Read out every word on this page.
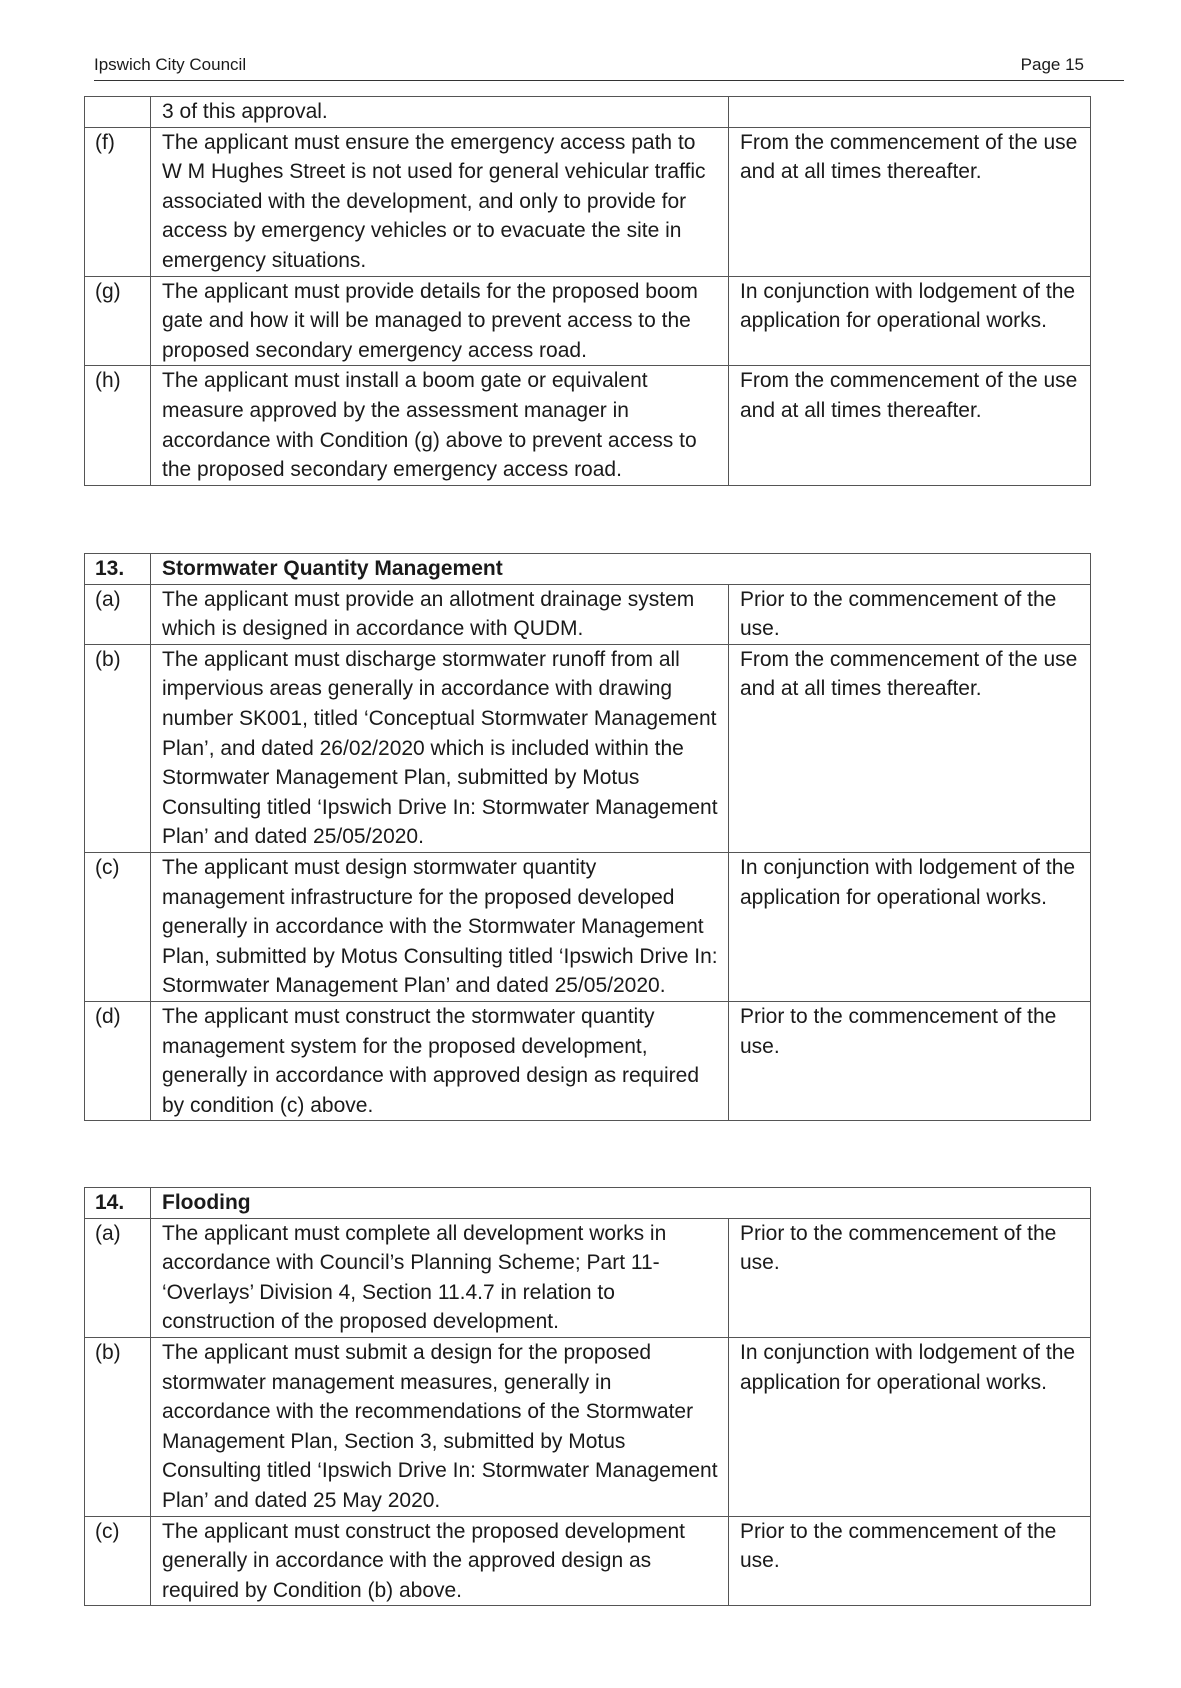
Ipswich City Council	Page 15
	3 of this approval.	
(f)	The applicant must ensure the emergency access path to W M Hughes Street is not used for general vehicular traffic associated with the development, and only to provide for access by emergency vehicles or to evacuate the site in emergency situations.	From the commencement of the use and at all times thereafter.
(g)	The applicant must provide details for the proposed boom gate and how it will be managed to prevent access to the proposed secondary emergency access road.	In conjunction with lodgement of the application for operational works.
(h)	The applicant must install a boom gate or equivalent measure approved by the assessment manager in accordance with Condition (g) above to prevent access to the proposed secondary emergency access road.	From the commencement of the use and at all times thereafter.
13.	Stormwater Quantity Management	
(a)	The applicant must provide an allotment drainage system which is designed in accordance with QUDM.	Prior to the commencement of the use.
(b)	The applicant must discharge stormwater runoff from all impervious areas generally in accordance with drawing number SK001, titled ‘Conceptual Stormwater Management Plan’, and dated 26/02/2020 which is included within the Stormwater Management Plan, submitted by Motus Consulting titled ‘Ipswich Drive In: Stormwater Management Plan’ and dated 25/05/2020.	From the commencement of the use and at all times thereafter.
(c)	The applicant must design stormwater quantity management infrastructure for the proposed developed generally in accordance with the Stormwater Management Plan, submitted by Motus Consulting titled ‘Ipswich Drive In: Stormwater Management Plan’ and dated 25/05/2020.	In conjunction with lodgement of the application for operational works.
(d)	The applicant must construct the stormwater quantity management system for the proposed development, generally in accordance with approved design as required by condition (c) above.	Prior to the commencement of the use.
14.	Flooding	
(a)	The applicant must complete all development works in accordance with Council’s Planning Scheme; Part 11- ‘Overlays’ Division 4, Section 11.4.7 in relation to construction of the proposed development.	Prior to the commencement of the use.
(b)	The applicant must submit a design for the proposed stormwater management measures, generally in accordance with the recommendations of the Stormwater Management Plan, Section 3, submitted by Motus Consulting titled ‘Ipswich Drive In: Stormwater Management Plan’ and dated 25 May 2020.	In conjunction with lodgement of the application for operational works.
(c)	The applicant must construct the proposed development generally in accordance with the approved design as required by Condition (b) above.	Prior to the commencement of the use.
